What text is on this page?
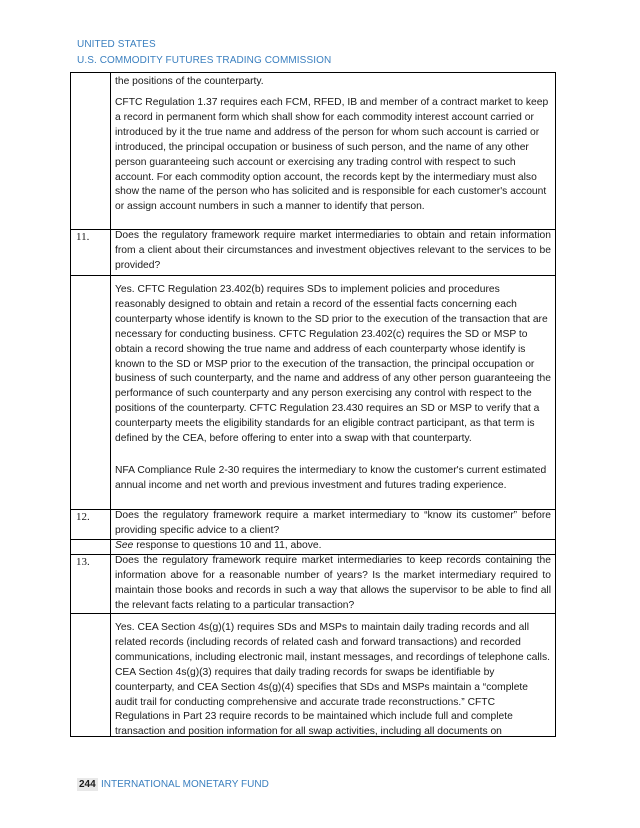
UNITED STATES
U.S. COMMODITY FUTURES TRADING COMMISSION
the positions of the counterparty.
CFTC Regulation 1.37 requires each FCM, RFED, IB and member of a contract market to keep a record in permanent form which shall show for each commodity interest account carried or introduced by it the true name and address of the person for whom such account is carried or introduced, the principal occupation or business of such person, and the name of any other person guaranteeing such account or exercising any trading control with respect to such account. For each commodity option account, the records kept by the intermediary must also show the name of the person who has solicited and is responsible for each customer's account or assign account numbers in such a manner to identify that person.
11. Does the regulatory framework require market intermediaries to obtain and retain information from a client about their circumstances and investment objectives relevant to the services to be provided?
Yes. CFTC Regulation 23.402(b) requires SDs to implement policies and procedures reasonably designed to obtain and retain a record of the essential facts concerning each counterparty whose identify is known to the SD prior to the execution of the transaction that are necessary for conducting business. CFTC Regulation 23.402(c) requires the SD or MSP to obtain a record showing the true name and address of each counterparty whose identify is known to the SD or MSP prior to the execution of the transaction, the principal occupation or business of such counterparty, and the name and address of any other person guaranteeing the performance of such counterparty and any person exercising any control with respect to the positions of the counterparty. CFTC Regulation 23.430 requires an SD or MSP to verify that a counterparty meets the eligibility standards for an eligible contract participant, as that term is defined by the CEA, before offering to enter into a swap with that counterparty.
NFA Compliance Rule 2-30 requires the intermediary to know the customer's current estimated annual income and net worth and previous investment and futures trading experience.
12. Does the regulatory framework require a market intermediary to “know its customer” before providing specific advice to a client?
See response to questions 10 and 11, above.
13. Does the regulatory framework require market intermediaries to keep records containing the information above for a reasonable number of years? Is the market intermediary required to maintain those books and records in such a way that allows the supervisor to be able to find all the relevant facts relating to a particular transaction?
Yes. CEA Section 4s(g)(1) requires SDs and MSPs to maintain daily trading records and all related records (including records of related cash and forward transactions) and recorded communications, including electronic mail, instant messages, and recordings of telephone calls. CEA Section 4s(g)(3) requires that daily trading records for swaps be identifiable by counterparty, and CEA Section 4s(g)(4) specifies that SDs and MSPs maintain a “complete audit trail for conducting comprehensive and accurate trade reconstructions.” CFTC Regulations in Part 23 require records to be maintained which include full and complete transaction and position information for all swap activities, including all documents on
244 INTERNATIONAL MONETARY FUND
